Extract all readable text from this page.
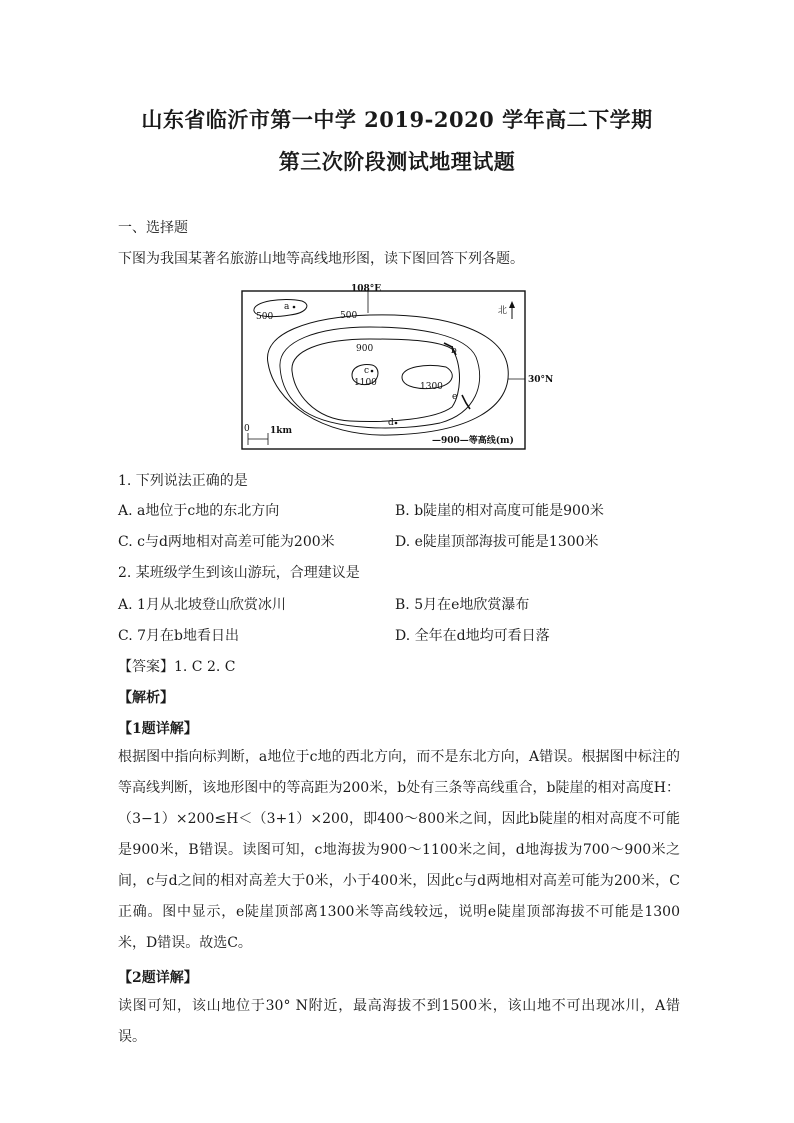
山东省临沂市第一中学 2019-2020 学年高二下学期
第三次阶段测试地理试题
一、选择题
下图为我国某著名旅游山地等高线地形图，读下图回答下列各题。
108°E
北
500	500
900
1100	1300
a
b
c
d
e
30°N
0 1km
—900—等高线(m)
1. 下列说法正确的是
A. a地位于c地的东北方向	B. b陡崖的相对高度可能是900米
C. c与d两地相对高差可能为200米	D. e陡崖顶部海拔可能是1300米
2. 某班级学生到该山游玩，合理建议是
A. 1月从北坡登山欣赏冰川	B. 5月在e地欣赏瀑布
C. 7月在b地看日出	D. 全年在d地均可看日落
【答案】1. C 2. C
【解析】
【1题详解】
根据图中指向标判断，a地位于c地的西北方向，而不是东北方向，A错误。根据图中标注的等高线判断，该地形图中的等高距为200米，b处有三条等高线重合，b陡崖的相对高度H：（3−1）×200≤H＜（3+1）×200，即400～800米之间，因此b陡崖的相对高度不可能是900米，B错误。读图可知，c地海拔为900～1100米之间，d地海拔为700～900米之间，c与d之间的相对高差大于0米，小于400米，因此c与d两地相对高差可能为200米，C正确。图中显示，e陡崖顶部离1300米等高线较远，说明e陡崖顶部海拔不可能是1300米，D错误。故选C。
【2题详解】
读图可知，该山地位于30° N附近，最高海拔不到1500米，该山地不可出现冰川，A错误。
